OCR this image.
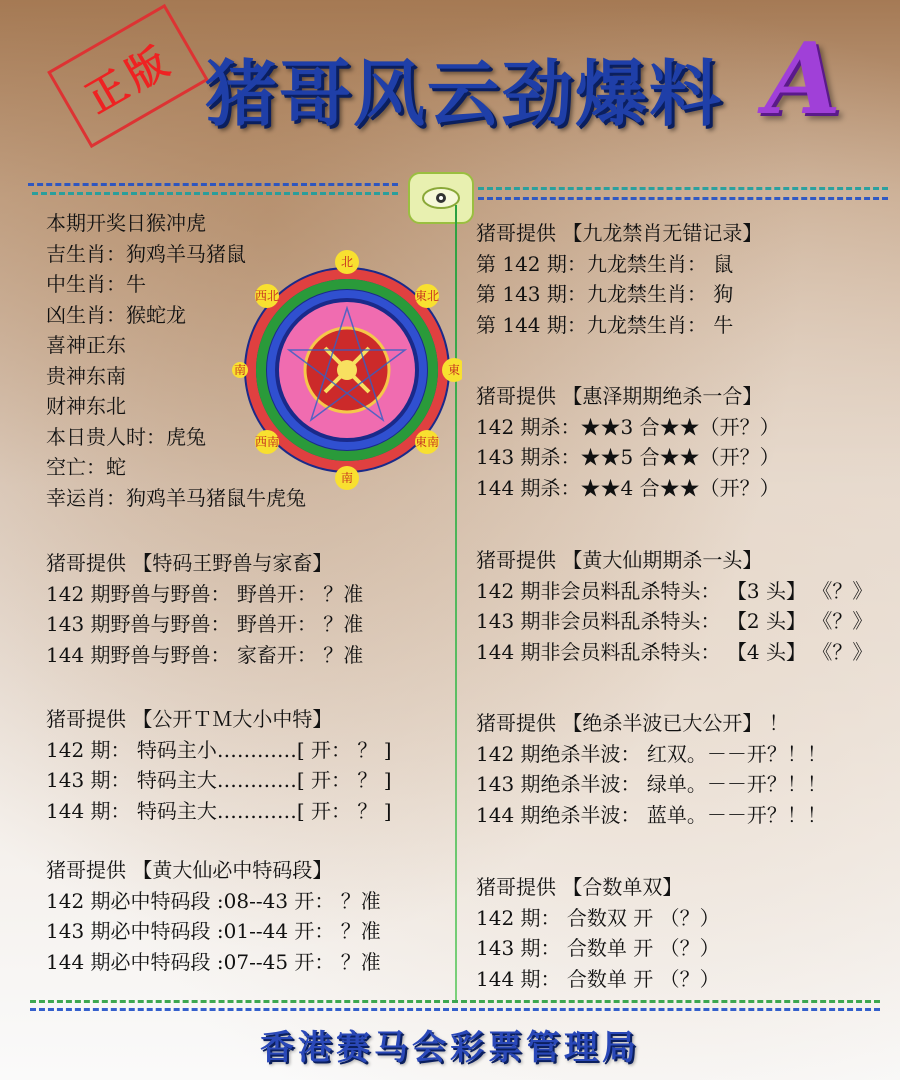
正版 猪哥风云劲爆料 A
北
東北
東
東南
南
西南
南
西北
本期开奖日猴冲虎
吉生肖：狗鸡羊马猪鼠
中生肖：牛
凶生肖：猴蛇龙
喜神正东
贵神东南
财神东北
本日贵人时：虎兔
空亡：蛇
幸运肖：狗鸡羊马猪鼠牛虎兔
猪哥提供 【特码王野兽与家畜】
142 期野兽与野兽： 野兽开： ？准
143 期野兽与野兽： 野兽开： ？准
144 期野兽与野兽： 家畜开： ？准
猪哥提供 【公开ＴＭ大小中特】
142 期： 特码主小…………[ 开： ？ ]
143 期： 特码主大…………[ 开： ？ ]
144 期： 特码主大…………[ 开： ？ ]
猪哥提供 【黄大仙必中特码段】
142 期必中特码段 :08--43 开： ？准
143 期必中特码段 :01--44 开： ？准
144 期必中特码段 :07--45 开： ？准
猪哥提供 【九龙禁肖无错记录】
第 142 期：九龙禁生肖： 鼠
第 143 期：九龙禁生肖： 狗
第 144 期：九龙禁生肖： 牛
猪哥提供 【惠泽期期绝杀一合】
142 期杀：★★3 合★★（开？）
143 期杀：★★5 合★★（开？）
144 期杀：★★4 合★★（开？）
猪哥提供 【黄大仙期期杀一头】
142 期非会员料乱杀特头： 【3 头】 《？》
143 期非会员料乱杀特头： 【2 头】 《？》
144 期非会员料乱杀特头： 【4 头】 《？》
猪哥提供 【绝杀半波已大公开】 ！
142 期绝杀半波： 红双。－－开？！！
143 期绝杀半波： 绿单。－－开？！！
144 期绝杀半波： 蓝单。－－开？！！
猪哥提供 【合数单双】
142 期： 合数双 开 （？）
143 期： 合数单 开 （？）
144 期： 合数单 开 （？）
香港赛马会彩票管理局
